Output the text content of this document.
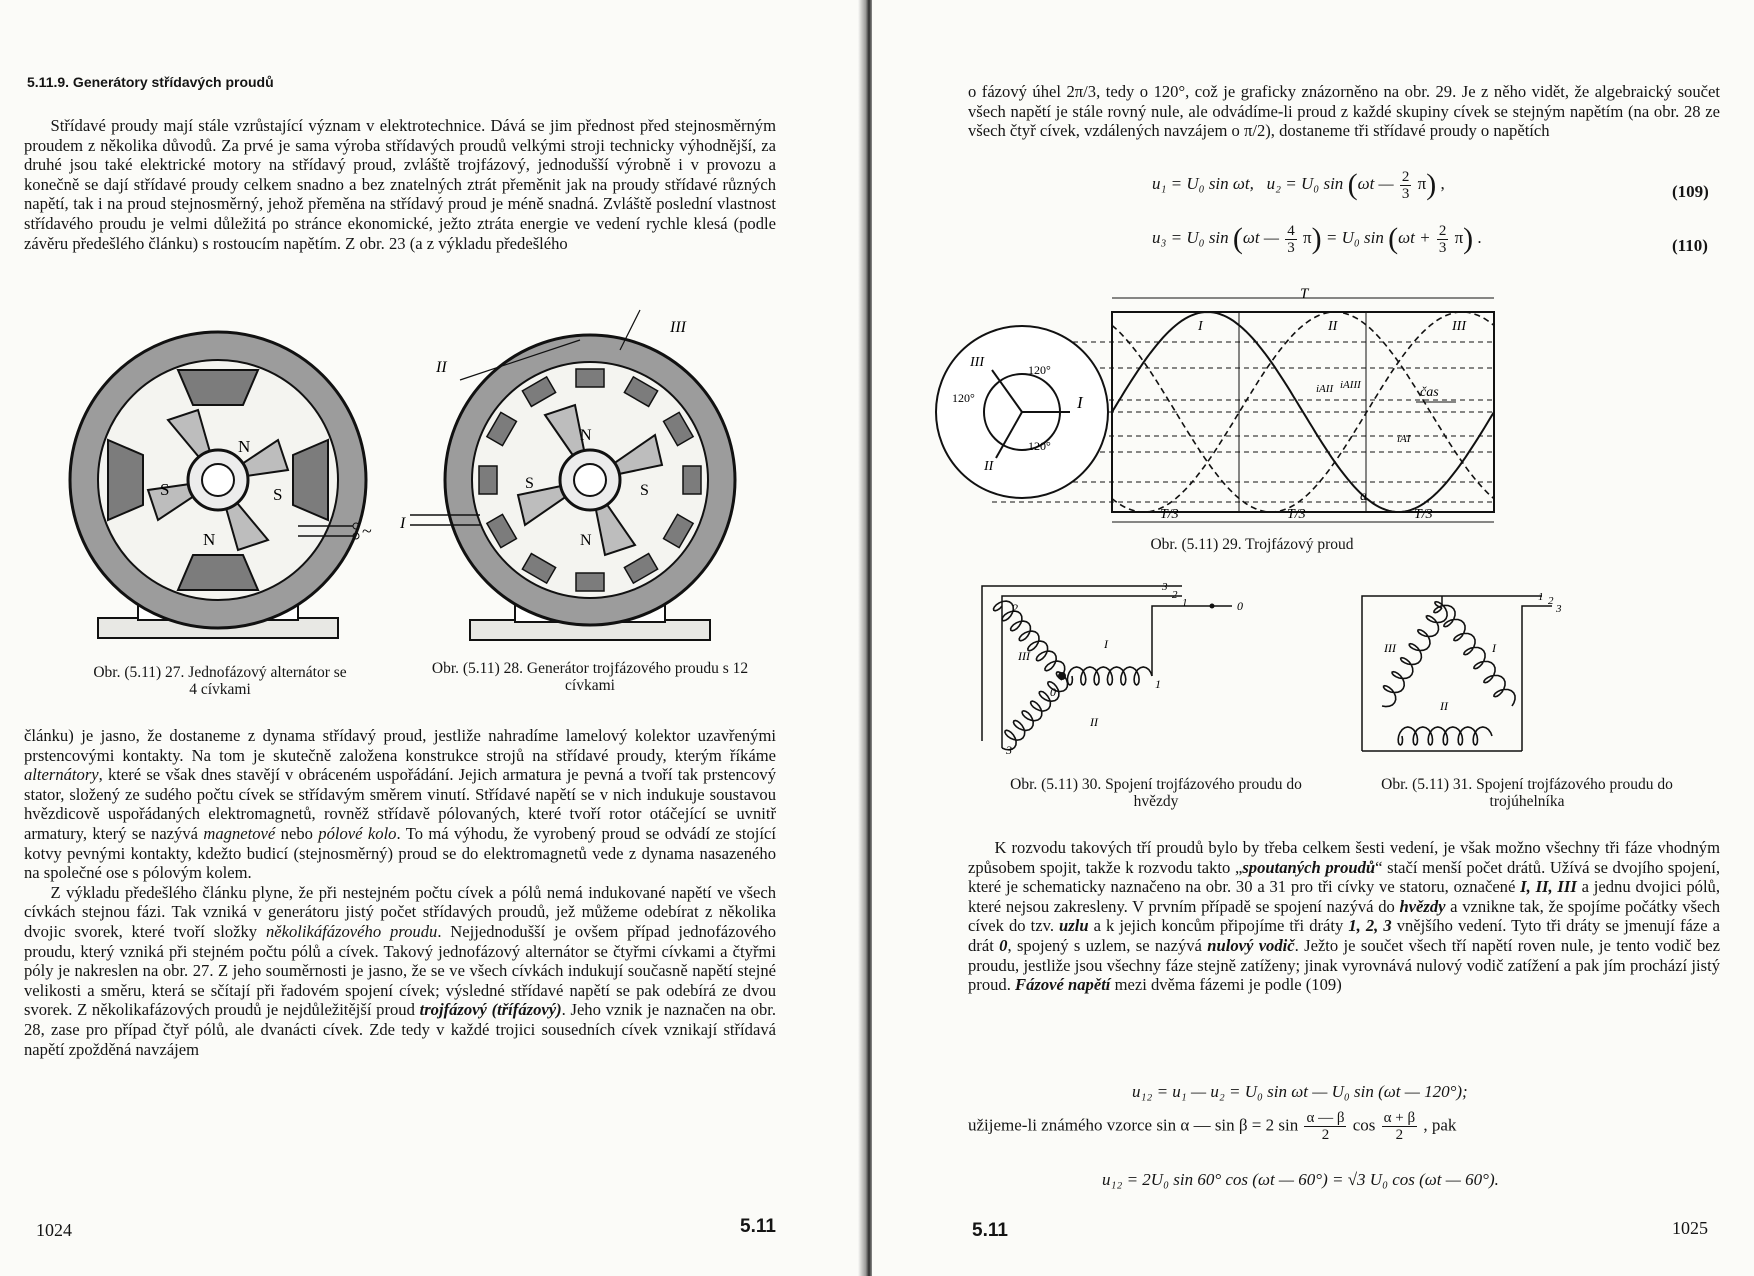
5.11.9. Generátory střídavých proudů

Střídavé proudy mají stále vzrůstající význam v elektrotechnice. Dává se jim přednost před stejnosměrným proudem z několika důvodů. Za prvé je sama výroba střídavých proudů velkými stroji technicky výhodnější, za druhé jsou také elektrické motory na střídavý proud, zvláště trojfázový, jednodušší výrobně i v provozu a konečně se dají střídavé proudy celkem snadno a bez znatelných ztrát přeměnit jak na proudy střídavé různých napětí, tak i na proud stejnosměrný, jehož přeměna na střídavý proud je méně snadná. Zvláště poslední vlastnost střídavého proudu je velmi důležitá po stránce ekonomické, ježto ztráta energie ve vedení rychle klesá (podle závěru předešlého článku) s rostoucím napětím. Z obr. 23 (a z výkladu předešlého

N
S
N
S
~
N
S
N
S
I
II
III
Obr. (5.11) 27. Jednofázový alternátor se 4 cívkami
Obr. (5.11) 28. Generátor trojfázového proudu s 12 cívkami

článku) je jasno, že dostaneme z dynama střídavý proud, jestliže nahradíme lamelový kolektor uzavřenými prstencovými kontakty. Na tom je skutečně založena konstrukce strojů na střídavé proudy, kterým říkáme alternátory, které se však dnes stavějí v obráceném uspořádání. Jejich armatura je pevná a tvoří tak prstencový stator, složený ze sudého počtu cívek se střídavým směrem vinutí. Střídavé napětí se v nich indukuje soustavou hvězdicově uspořádaných elektromagnetů, rovněž střídavě pólovaných, které tvoří rotor otáčející se uvnitř armatury, který se nazývá magnetové nebo pólové kolo. To má výhodu, že vyrobený proud se odvádí ze stojící kotvy pevnými kontakty, kdežto budicí (stejnosměrný) proud se do elektromagnetů vede z dynama nasazeného na společné ose s pólovým kolem.

Z výkladu předešlého článku plyne, že při nestejném počtu cívek a pólů nemá indukované napětí ve všech cívkách stejnou fázi. Tak vzniká v generátoru jistý počet střídavých proudů, jež můžeme odebírat z několika dvojic svorek, které tvoří složky několikáfázového proudu. Nejjednodušší je ovšem případ jednofázového proudu, který vzniká při stejném počtu pólů a cívek. Takový jednofázový alternátor se čtyřmi cívkami a čtyřmi póly je nakreslen na obr. 27. Z jeho souměrnosti je jasno, že se ve všech cívkách indukují současně napětí stejné velikosti a směru, která se sčítají při řadovém spojení cívek; výsledné střídavé napětí se pak odebírá ze dvou svorek. Z několikafázových proudů je nejdůležitější proud trojfázový (třífázový). Jeho vznik je naznačen na obr. 28, zase pro případ čtyř pólů, ale dvanácti cívek. Zde tedy v každé trojici sousedních cívek vznikají střídavá napětí zpožděná navzájem

1024	5.11

o fázový úhel 2π/3, tedy o 120°, což je graficky znázorněno na obr. 29. Je z něho vidět, že algebraický součet všech napětí je stále rovný nule, ale odvádíme-li proud z každé skupiny cívek se stejným napětím (na obr. 28 ze všech čtyř cívek, vzdálených navzájem o π/2), dostaneme tři střídavé proudy o napětích

u₁ = U₀ sin ωt, u₂ = U₀ sin (ωt — $\frac{2}{3} \pi$) ,	(109)
u₃ = U₀ sin (ωt — $\frac{4}{3} \pi) = U_0$ $\sin (\omega t + \frac{2}{3} \pi)$ .	(110)
I
III
II
120°
120°
120°
T
I	II	III
iAII iAIII
iAI
čas
a
T/3	T/3	T/3
Obr. (5.11) 29. Trojfázový proud
3
2
1	0
2
0
1
3
III
I
II
1 2
3
III	I
II
Obr. (5.11) 30. Spojení trojfázového proudu do hvězdy
Obr. (5.11) 31. Spojení trojfázového proudu do trojúhelníka

K rozvodu takových tří proudů bylo by třeba celkem šesti vedení, je však možno všechny tři fáze vhodným způsobem spojit, takže k rozvodu takto „spoutaných proudů“ stačí menší počet drátů. Užívá se dvojího spojení, které je schematicky naznačeno na obr. 30 a 31 pro tři cívky ve statoru, označené I, II, III a jednu dvojici pólů, které nejsou zakresleny. V prvním případě se spojení nazývá do hvězdy a vznikne tak, že spojíme počátky všech cívek do tzv. uzlu a k jejich koncům připojíme tři dráty 1, 2, 3 vnějšího vedení. Tyto tři dráty se jmenují fáze a drát 0, spojený s uzlem, se nazývá nulový vodič. Ježto je součet všech tří napětí roven nule, je tento vodič bez proudu, jestliže jsou všechny fáze stejně zatíženy; jinak vyrovnává nulový vodič zatížení a pak jím prochází jistý proud. Fázové napětí mezi dvěma fázemi je podle (109)

u₁₂ = u₁ — u₂ = U₀ sin ωt — U₀ sin (ωt — 120°);
užijeme-li známého vzorce sin α — sin β = 2 $\sin \frac{\alpha — \beta}{2}$ $\cos \frac{\alpha + \beta}{2}$ , pak
u₁₂ = 2U₀ sin 60° cos (ωt — 60°) = √3 U₀ cos (ωt — 60°).
5.11	1025
